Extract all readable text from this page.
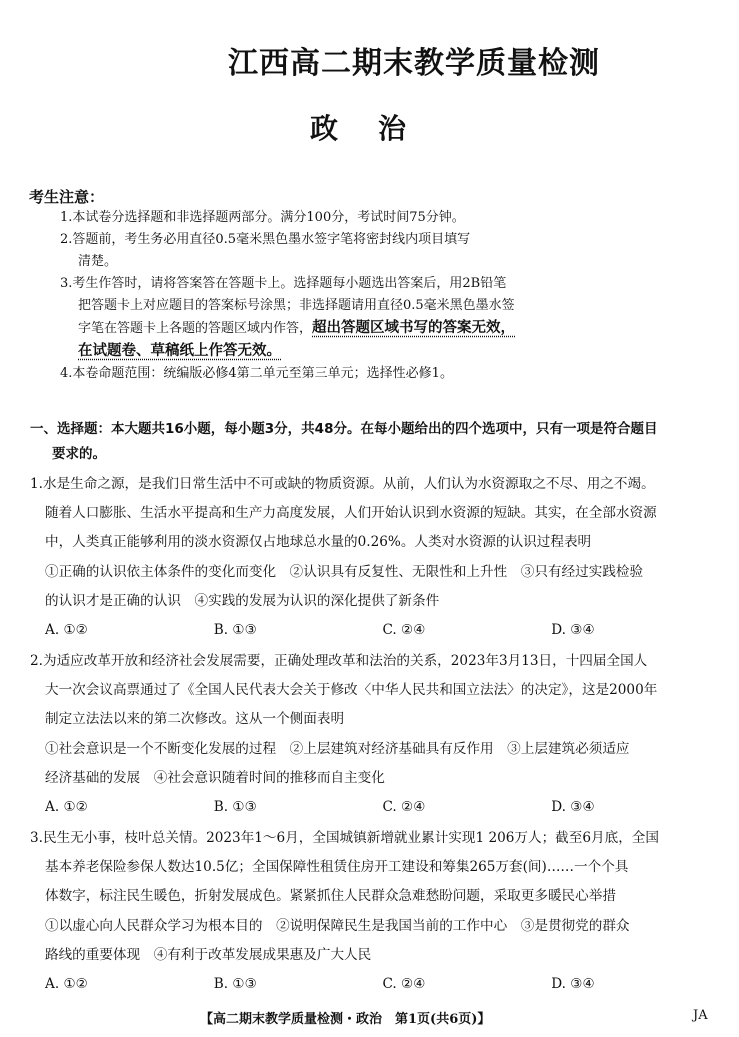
江西高二期末教学质量检测
政治
考生注意：
1.本试卷分选择题和非选择题两部分。满分100分，考试时间75分钟。
2.答题前，考生务必用直径0.5毫米黑色墨水签字笔将密封线内项目填写
清楚。
3.考生作答时，请将答案答在答题卡上。选择题每小题选出答案后，用2B铅笔
把答题卡上对应题目的答案标号涂黑；非选择题请用直径0.5毫米黑色墨水签
字笔在答题卡上各题的答题区域内作答，超出答题区域书写的答案无效，
在试题卷、草稿纸上作答无效。
4.本卷命题范围：统编版必修4第二单元至第三单元；选择性必修1。
一、选择题：本大题共16小题，每小题3分，共48分。在每小题给出的四个选项中，只有一项是符合题目
要求的。
1.水是生命之源，是我们日常生活中不可或缺的物质资源。从前，人们认为水资源取之不尽、用之不竭。
随着人口膨胀、生活水平提高和生产力高度发展，人们开始认识到水资源的短缺。其实，在全部水资源
中，人类真正能够利用的淡水资源仅占地球总水量的0.26%。人类对水资源的认识过程表明
①正确的认识依主体条件的变化而变化　②认识具有反复性、无限性和上升性　③只有经过实践检验
的认识才是正确的认识　④实践的发展为认识的深化提供了新条件
A. ①②	B. ①③	C. ②④	D. ③④
2.为适应改革开放和经济社会发展需要，正确处理改革和法治的关系，2023年3月13日，十四届全国人
大一次会议高票通过了《全国人民代表大会关于修改〈中华人民共和国立法法〉的决定》，这是2000年
制定立法法以来的第二次修改。这从一个侧面表明
①社会意识是一个不断变化发展的过程　②上层建筑对经济基础具有反作用　③上层建筑必须适应
经济基础的发展　④社会意识随着时间的推移而自主变化
A. ①②	B. ①③	C. ②④	D. ③④
3.民生无小事，枝叶总关情。2023年1～6月，全国城镇新增就业累计实现1 206万人；截至6月底，全国
基本养老保险参保人数达10.5亿；全国保障性租赁住房开工建设和筹集265万套(间)……一个个具
体数字，标注民生暖色，折射发展成色。紧紧抓住人民群众急难愁盼问题，采取更多暖民心举措
①以虚心向人民群众学习为根本目的　②说明保障民生是我国当前的工作中心　③是贯彻党的群众
路线的重要体现　④有利于改革发展成果惠及广大人民
A. ①②	B. ①③	C. ②④	D. ③④
【高二期末教学质量检测・政治　第1页(共6页)】	JA
